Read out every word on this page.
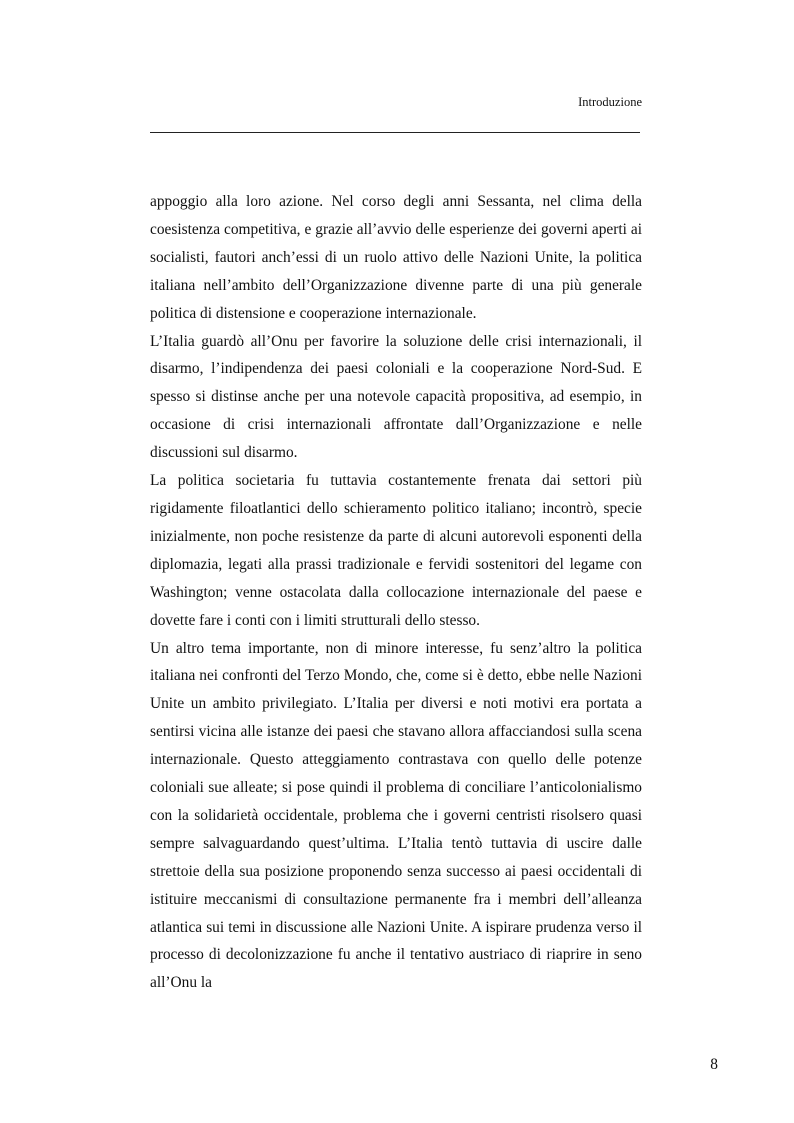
Introduzione

appoggio alla loro azione. Nel corso degli anni Sessanta, nel clima della coesistenza competitiva, e grazie all’avvio delle esperienze dei governi aperti ai socialisti, fautori anch’essi di un ruolo attivo delle Nazioni Unite, la politica italiana nell’ambito dell’Organizzazione divenne parte di una più generale politica di distensione e cooperazione internazionale.

L’Italia guardò all’Onu per favorire la soluzione delle crisi internazionali, il disarmo, l’indipendenza dei paesi coloniali e la cooperazione Nord-Sud. E spesso si distinse anche per una notevole capacità propositiva, ad esempio, in occasione di crisi internazionali affrontate dall’Organizzazione e nelle discussioni sul disarmo.

La politica societaria fu tuttavia costantemente frenata dai settori più rigidamente filoatlantici dello schieramento politico italiano; incontrò, specie inizialmente, non poche resistenze da parte di alcuni autorevoli esponenti della diplomazia, legati alla prassi tradizionale e fervidi sostenitori del legame con Washington; venne ostacolata dalla collocazione internazionale del paese e dovette fare i conti con i limiti strutturali dello stesso.

Un altro tema importante, non di minore interesse, fu senz’altro la politica italiana nei confronti del Terzo Mondo, che, come si è detto, ebbe nelle Nazioni Unite un ambito privilegiato. L’Italia per diversi e noti motivi era portata a sentirsi vicina alle istanze dei paesi che stavano allora affacciandosi sulla scena internazionale. Questo atteggiamento contrastava con quello delle potenze coloniali sue alleate; si pose quindi il problema di conciliare l’anticolonialismo con la solidarietà occidentale, problema che i governi centristi risolsero quasi sempre salvaguardando quest’ultima. L’Italia tentò tuttavia di uscire dalle strettoie della sua posizione proponendo senza successo ai paesi occidentali di istituire meccanismi di consultazione permanente fra i membri dell’alleanza atlantica sui temi in discussione alle Nazioni Unite. A ispirare prudenza verso il processo di decolonizzazione fu anche il tentativo austriaco di riaprire in seno all’Onu la

8
